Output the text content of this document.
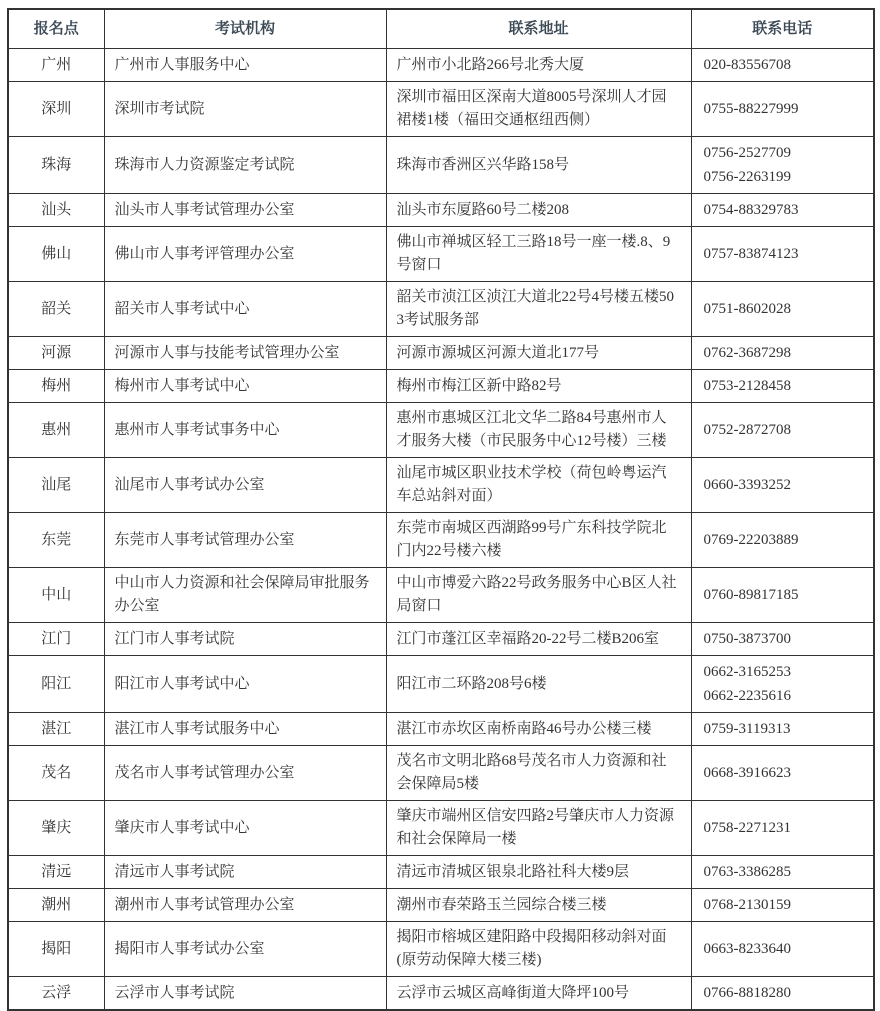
报名点	考试机构	联系地址	联系电话
广州	广州市人事服务中心	广州市小北路266号北秀大厦	020-83556708

深圳	深圳市考试院	深圳市福田区深南大道8005号深圳人才园裙楼1楼（福田交通枢纽西侧）	0755-88227999

珠海	珠海市人力资源鉴定考试院	珠海市香洲区兴华路158号	0756-2527709
0756-2263199

汕头	汕头市人事考试管理办公室	汕头市东厦路60号二楼208	0754-88329783

佛山	佛山市人事考评管理办公室	佛山市禅城区轻工三路18号一座一楼.8、9号窗口	0757-83874123

韶关	韶关市人事考试中心	韶关市浈江区浈江大道北22号4号楼五楼503考试服务部	0751-8602028

河源	河源市人事与技能考试管理办公室	河源市源城区河源大道北177号	0762-3687298

梅州	梅州市人事考试中心	梅州市梅江区新中路82号	0753-2128458

惠州	惠州市人事考试事务中心	惠州市惠城区江北文华二路84号惠州市人才服务大楼（市民服务中心12号楼）三楼	0752-2872708

汕尾	汕尾市人事考试办公室	汕尾市城区职业技术学校（荷包岭粤运汽车总站斜对面）	0660-3393252

东莞	东莞市人事考试管理办公室	东莞市南城区西湖路99号广东科技学院北门内22号楼六楼	0769-22203889

中山	中山市人力资源和社会保障局审批服务办公室	中山市博爱六路22号政务服务中心B区人社局窗口	0760-89817185

江门	江门市人事考试院	江门市蓬江区幸福路20-22号二楼B206室	0750-3873700

阳江	阳江市人事考试中心	阳江市二环路208号6楼	0662-3165253
0662-2235616

湛江	湛江市人事考试服务中心	湛江市赤坎区南桥南路46号办公楼三楼	0759-3119313

茂名	茂名市人事考试管理办公室	茂名市文明北路68号茂名市人力资源和社会保障局5楼	0668-3916623

肇庆	肇庆市人事考试中心	肇庆市端州区信安四路2号肇庆市人力资源和社会保障局一楼	0758-2271231

清远	清远市人事考试院	清远市清城区银泉北路社科大楼9层	0763-3386285

潮州	潮州市人事考试管理办公室	潮州市春荣路玉兰园综合楼三楼	0768-2130159

揭阳	揭阳市人事考试办公室	揭阳市榕城区建阳路中段揭阳移动斜对面(原劳动保障大楼三楼)	0663-8233640

云浮	云浮市人事考试院	云浮市云城区高峰街道大降坪100号	0766-8818280
